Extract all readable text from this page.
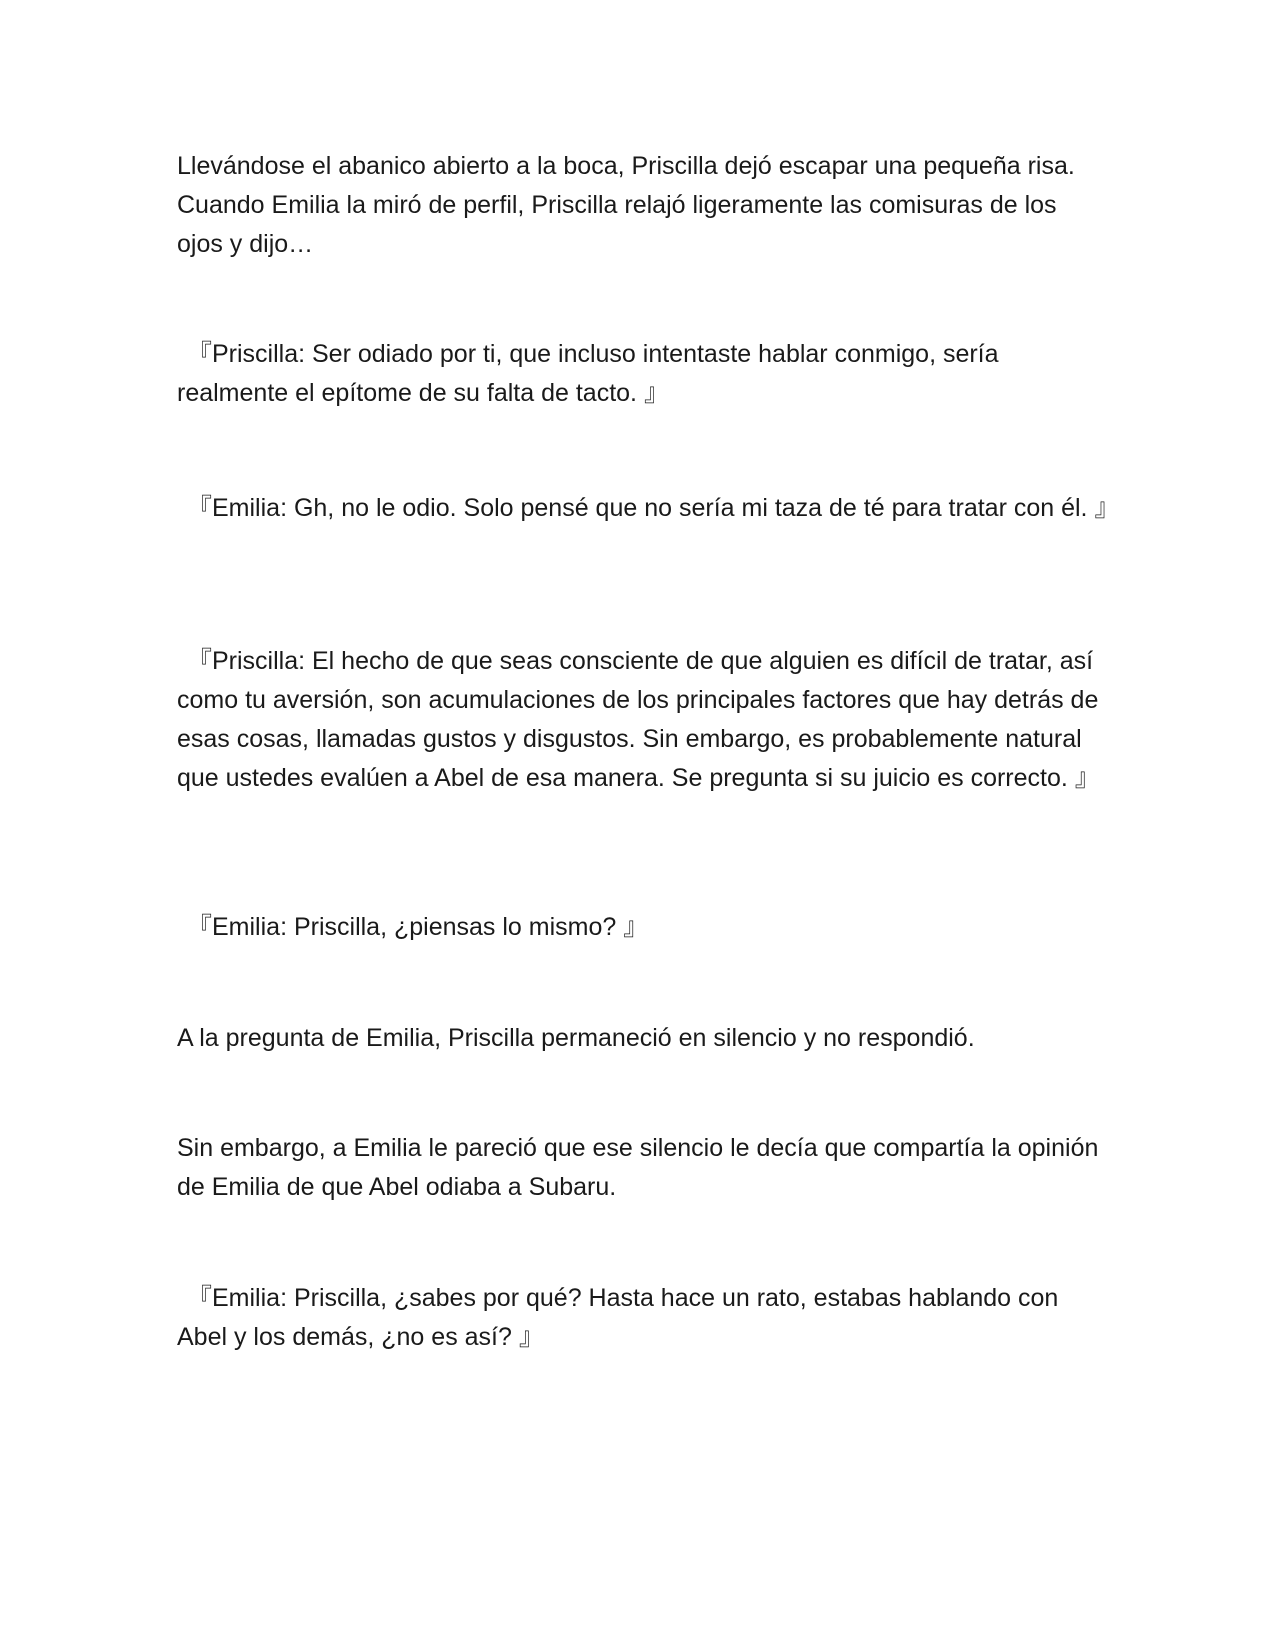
Llevándose el abanico abierto a la boca, Priscilla dejó escapar una pequeña risa. Cuando Emilia la miró de perfil, Priscilla relajó ligeramente las comisuras de los ojos y dijo…

『Priscilla: Ser odiado por ti, que incluso intentaste hablar conmigo, sería realmente el epítome de su falta de tacto. 』

『Emilia: Gh, no le odio. Solo pensé que no sería mi taza de té para tratar con él. 』

『Priscilla: El hecho de que seas consciente de que alguien es difícil de tratar, así como tu aversión, son acumulaciones de los principales factores que hay detrás de esas cosas, llamadas gustos y disgustos. Sin embargo, es probablemente natural que ustedes evalúen a Abel de esa manera. Se pregunta si su juicio es correcto. 』

『Emilia: Priscilla, ¿piensas lo mismo? 』

A la pregunta de Emilia, Priscilla permaneció en silencio y no respondió.

Sin embargo, a Emilia le pareció que ese silencio le decía que compartía la opinión de Emilia de que Abel odiaba a Subaru.

『Emilia: Priscilla, ¿sabes por qué? Hasta hace un rato, estabas hablando con Abel y los demás, ¿no es así? 』
